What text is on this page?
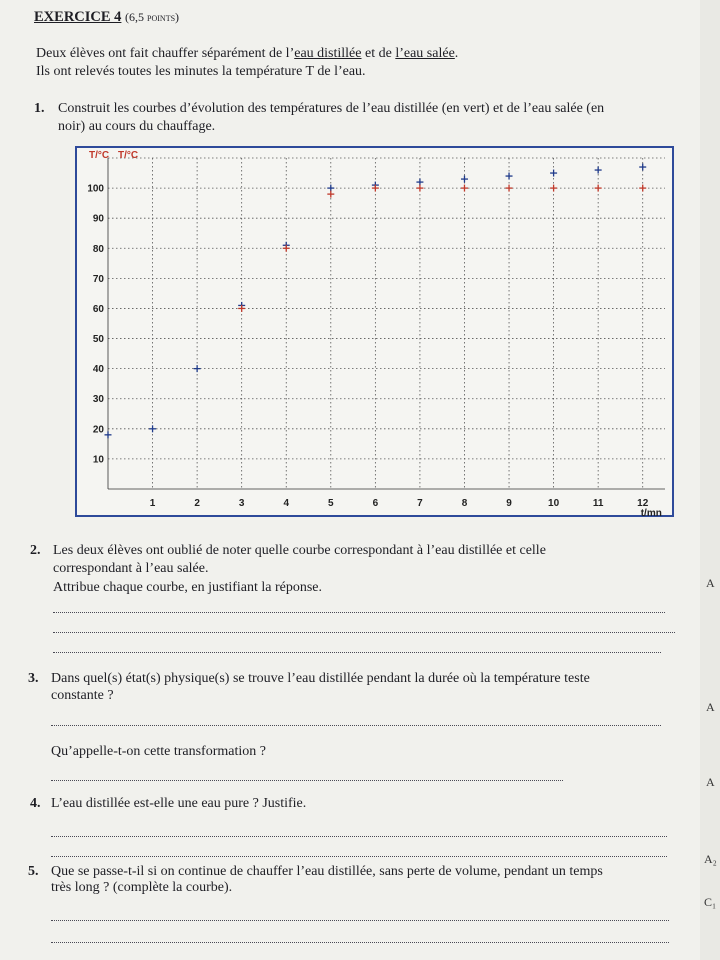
EXERCICE 4 (6,5 points)
Deux élèves ont fait chauffer séparément de l’eau distillée et de l’eau salée.
Ils ont relevés toutes les minutes la température T de l’eau.
1. Construit les courbes d’évolution des températures de l’eau distillée (en vert) et de l’eau salée (en
noir) au cours du chauffage.
10
20
30
40
50
60
70
80
90
100
1	2	3	4	5	6	7	8	9	10	11	12
T/°C T/°C
t/mn
2. Les deux élèves ont oublié de noter quelle courbe correspondant à l’eau distillée et celle
correspondant à l’eau salée.
Attribue chaque courbe, en justifiant la réponse.
3. Dans quel(s) état(s) physique(s) se trouve l’eau distillée pendant la durée où la température teste
constante ?
Qu’appelle-t-on cette transformation ?
4. L’eau distillée est-elle une eau pure ? Justifie.
5. Que se passe-t-il si on continue de chauffer l’eau distillée, sans perte de volume, pendant un temps
très long ? (complète la courbe).
A
A
A
A₂
C₁
